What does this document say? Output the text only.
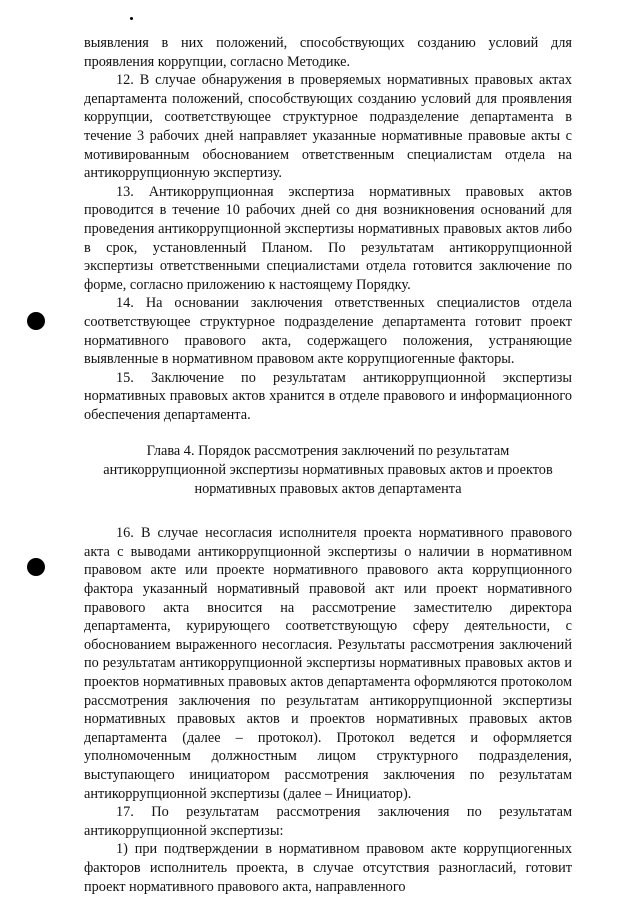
выявления в них положений, способствующих созданию условий для проявления коррупции, согласно Методике.

12. В случае обнаружения в проверяемых нормативных правовых актах департамента положений, способствующих созданию условий для проявления коррупции, соответствующее структурное подразделение департамента в течение 3 рабочих дней направляет указанные нормативные правовые акты с мотивированным обоснованием ответственным специалистам отдела на антикоррупционную экспертизу.

13. Антикоррупционная экспертиза нормативных правовых актов проводится в течение 10 рабочих дней со дня возникновения оснований для проведения антикоррупционной экспертизы нормативных правовых актов либо в срок, установленный Планом. По результатам антикоррупционной экспертизы ответственными специалистами отдела готовится заключение по форме, согласно приложению к настоящему Порядку.

14. На основании заключения ответственных специалистов отдела соответствующее структурное подразделение департамента готовит проект нормативного правового акта, содержащего положения, устраняющие выявленные в нормативном правовом акте коррупциогенные факторы.

15. Заключение по результатам антикоррупционной экспертизы нормативных правовых актов хранится в отделе правового и информационного обеспечения департамента.

Глава 4. Порядок рассмотрения заключений по результатам
антикоррупционной экспертизы нормативных правовых актов и проектов
нормативных правовых актов департамента

16. В случае несогласия исполнителя проекта нормативного правового акта с выводами антикоррупционной экспертизы о наличии в нормативном правовом акте или проекте нормативного правового акта коррупционного фактора указанный нормативный правовой акт или проект нормативного правового акта вносится на рассмотрение заместителю директора департамента, курирующего соответствующую сферу деятельности, с обоснованием выраженного несогласия. Результаты рассмотрения заключений по результатам антикоррупционной экспертизы нормативных правовых актов и проектов нормативных правовых актов департамента оформляются протоколом рассмотрения заключения по результатам антикоррупционной экспертизы нормативных правовых актов и проектов нормативных правовых актов департамента (далее – протокол). Протокол ведется и оформляется уполномоченным должностным лицом структурного подразделения, выступающего инициатором рассмотрения заключения по результатам антикоррупционной экспертизы (далее – Инициатор).

17. По результатам рассмотрения заключения по результатам антикоррупционной экспертизы:

1) при подтверждении в нормативном правовом акте коррупциогенных факторов исполнитель проекта, в случае отсутствия разногласий, готовит проект нормативного правового акта, направленного
